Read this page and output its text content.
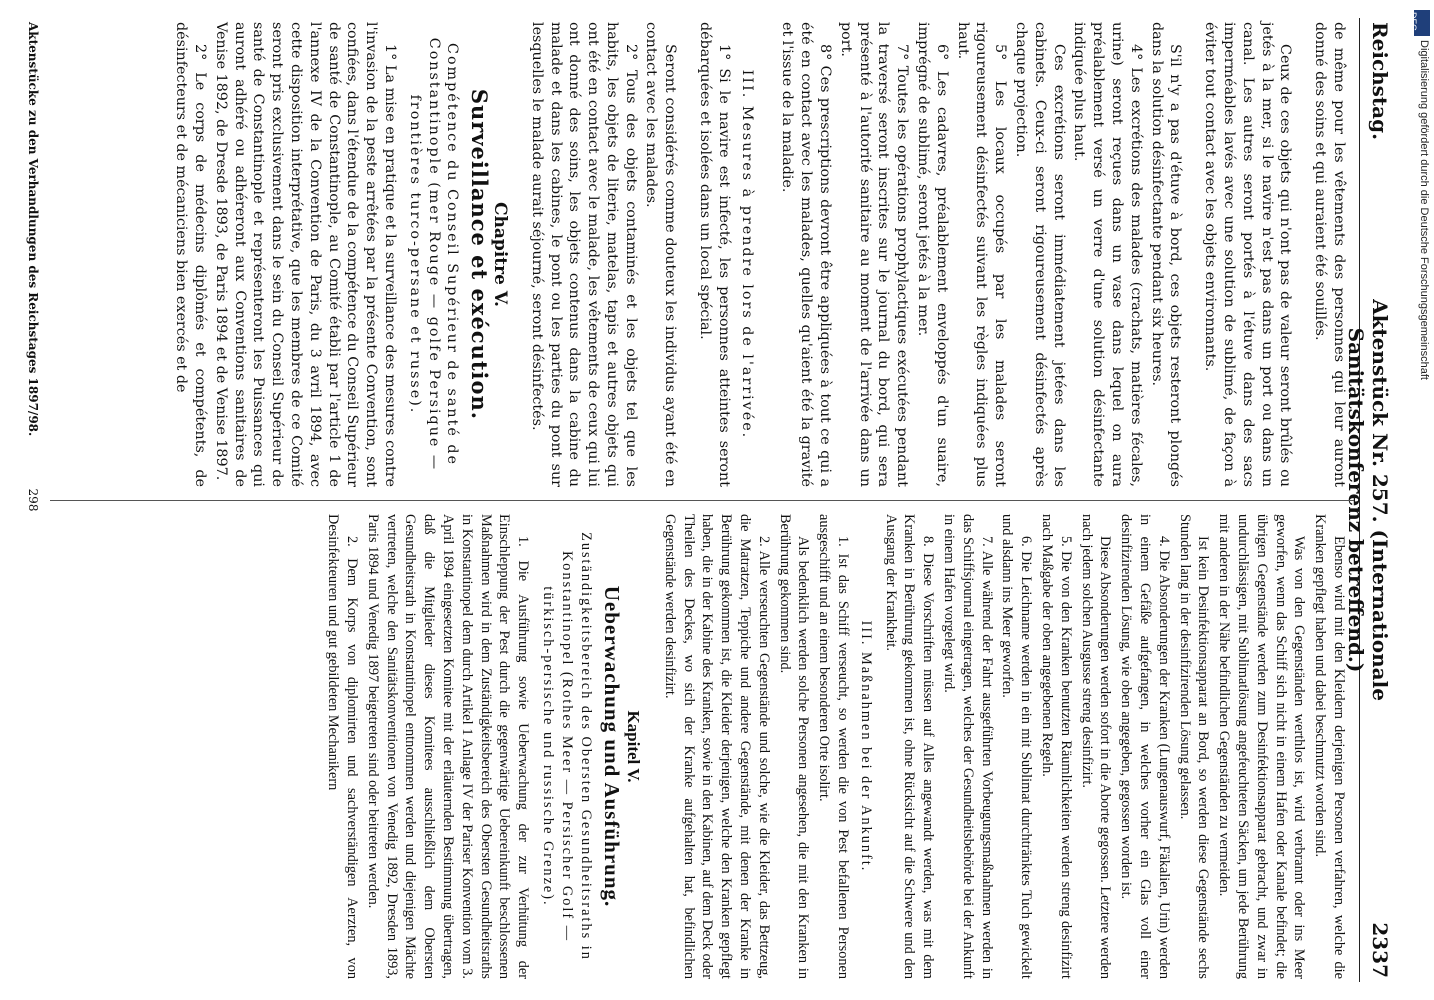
Reichstag.
Aktenstück Nr. 257. (Internationale Sanitätskonferenz betreffend.)
2337

de même pour les vêtements des personnes qui leur auront donné des soins et qui auraient été souillés.

Ceux de ces objets qui n'ont pas de valeur seront brûlés ou jetés à la mer, si le navire n'est pas dans un port ou dans un canal. Les autres seront portés à l'étuve dans des sacs imperméables lavés avec une solution de sublimé, de façon à éviter tout contact avec les objets environnants.

S'il n'y a pas d'étuve à bord, ces objets resteront plongés dans la solution désinfectante pendant six heures.

4° Les excrétions des malades (crachats, matières fécales, urine) seront reçues dans un vase dans lequel on aura préalablement versé un verre d'une solution désinfectante indiquée plus haut.

Ces excrétions seront immédiatement jetées dans les cabinets. Ceux-ci seront rigoureusement désinfectés après chaque projection.

5° Les locaux occupés par les malades seront rigoureusement désinfectés suivant les règles indiquées plus haut.

6° Les cadavres, préalablement enveloppés d'un suaire, imprégné de sublimé, seront jetés à la mer.

7° Toutes les opérations prophylactiques exécutées pendant la traversé seront inscrites sur le journal du bord, qui sera présenté à l'autorité sanitaire au moment de l'arrivée dans un port.

8° Ces prescriptions devront être appliquées à tout ce qui a été en contact avec les malades, quelles qu'aient été la gravité et l'issue de la maladie.

III. Mesures à prendre lors de l'arrivée.

1° Si le navire est infecté, les personnes atteintes seront débarquées et isolées dans un local spécial.

Seront considérés comme douteux les individus ayant été en contact avec les malades.

2° Tous des objets contaminés et les objets tel que les habits, les objets de literie, matelas, tapis et autres objets qui ont été en contact avec le malade, les vêtements de ceux qui lui ont donné des soins, les objets contenus dans la cabine du malade et dans les cabines, le pont ou les parties du pont sur lesquelles le malade aurait séjourné, seront désinfectés.

Chapitre V.

Surveillance et exécution.

Compétence du Conseil Supérieur de santé de Constantinople (mer Rouge — golfe Persique — frontières turco-persane et russe).

1° La mise en pratique et la surveillance des mesures contre l'invasion de la peste arrêtées par la présente Convention, sont confiées, dans l'étendue de la compétence du Conseil Supérieur de santé de Constantinople, au Comité établi par l'article 1 de l'annexe IV de la Convention de Paris, du 3 avril 1894, avec cette disposition interprétative, que les membres de ce Comité seront pris exclusivement dans le sein du Conseil Supérieur de santé de Constantinople et représenteront les Puissances qui auront adhéré ou adhéreront aux Conventions sanitaires de Venise 1892, de Dresde 1893, de Paris 1894 et de Venise 1897.

2° Le corps de médecins diplômés et compétents, de désinfecteurs et de mécaniciens bien exercés et de

Ebenso wird mit den Kleidern derjenigen Personen verfahren, welche die Kranken gepflegt haben und dabei beschmutzt worden sind.

Was von den Gegenständen werthlos ist, wird verbrannt oder ins Meer geworfen, wenn das Schiff sich nicht in einem Hafen oder Kanale befindet; die übrigen Gegenstände werden zum Desinfektionsapparat gebracht, und zwar in undurchlässigen, mit Sublimatlösung angefeuchteten Säcken, um jede Berührung mit anderen in der Nähe befindlichen Gegenständen zu vermeiden.

Ist kein Desinfektionsapparat an Bord, so werden diese Gegenstände sechs Stunden lang in der desinfizirenden Lösung gelassen.

4. Die Absonderungen der Kranken (Lungenauswurf, Fäkalien, Urin) werden in einem Gefäße aufgefangen, in welches vorher ein Glas voll einer desinfizirenden Lösung, wie oben angegeben, gegossen worden ist.

Diese Absonderungen werden sofort in die Aborte gegossen. Letztere werden nach jedem solchen Ausgusse streng desinfizirt.

5. Die von den Kranken benutzten Räumlichkeiten werden streng desinfizirt nach Maßgabe der oben angegebenen Regeln.

6. Die Leichname werden in ein mit Sublimat durchtränktes Tuch gewickelt und alsdann ins Meer geworfen.

7. Alle während der Fahrt ausgeführten Vorbeugungsmaßnahmen werden in das Schiffsjournal eingetragen, welches der Gesundheitsbehörde bei der Ankunft in einem Hafen vorgelegt wird.

8. Diese Vorschriften müssen auf Alles angewandt werden, was mit dem Kranken in Berührung gekommen ist, ohne Rücksicht auf die Schwere und den Ausgang der Krankheit.

III. Maßnahmen bei der Ankunft.

1. Ist das Schiff verseucht, so werden die von Pest befallenen Personen ausgeschifft und an einem besonderen Orte isolirt.

Als bedenklich werden solche Personen angesehen, die mit den Kranken in Berührung gekommen sind.

2. Alle verseuchten Gegenstände und solche, wie die Kleider, das Bettzeug, die Matratzen, Teppiche und andere Gegenstände, mit denen der Kranke in Berührung gekommen ist, die Kleider derjenigen, welche den Kranken gepflegt haben, die in der Kabine des Kranken, sowie in den Kabinen, auf dem Deck oder Theilen des Deckes, wo sich der Kranke aufgehalten hat, befindlichen Gegenstände werden desinfizirt.

Kapitel V.

Ueberwachung und Ausführung.

Zuständigkeitsbereich des Obersten Gesundheitsraths in Konstantinopel (Rothes Meer — Persischer Golf — türkisch-persische und russische Grenze).

1. Die Ausführung sowie Ueberwachung der zur Verhütung der Einschleppung der Pest durch die gegenwärtige Uebereinkunft beschlossenen Maßnahmen wird in dem Zuständigkeitsbereich des Obersten Gesundheitsraths in Konstantinopel dem durch Artikel 1 Anlage IV der Pariser Konvention vom 3. April 1894 eingesetzten Komitee mit der erläuternden Bestimmung übertragen, daß die Mitglieder dieses Komitees ausschließlich dem Obersten Gesundheitsrath in Konstantinopel entnommen werden und diejenigen Mächte vertreten, welche den Sanitätskonventionen von Venedig 1892, Dresden 1893, Paris 1894 und Venedig 1897 beigetreten sind oder beitreten werden.

2. Dem Korps von diplomirten und sachverständigen Aerzten, von Desinfekteuren und gut gebildeten Mechanikern

Aktenstücke zu den Verhandlungen des Reichstages 1897/98.
298
DFG
Digitalisierung gefördert durch die Deutsche Forschungsgemeinschaft
